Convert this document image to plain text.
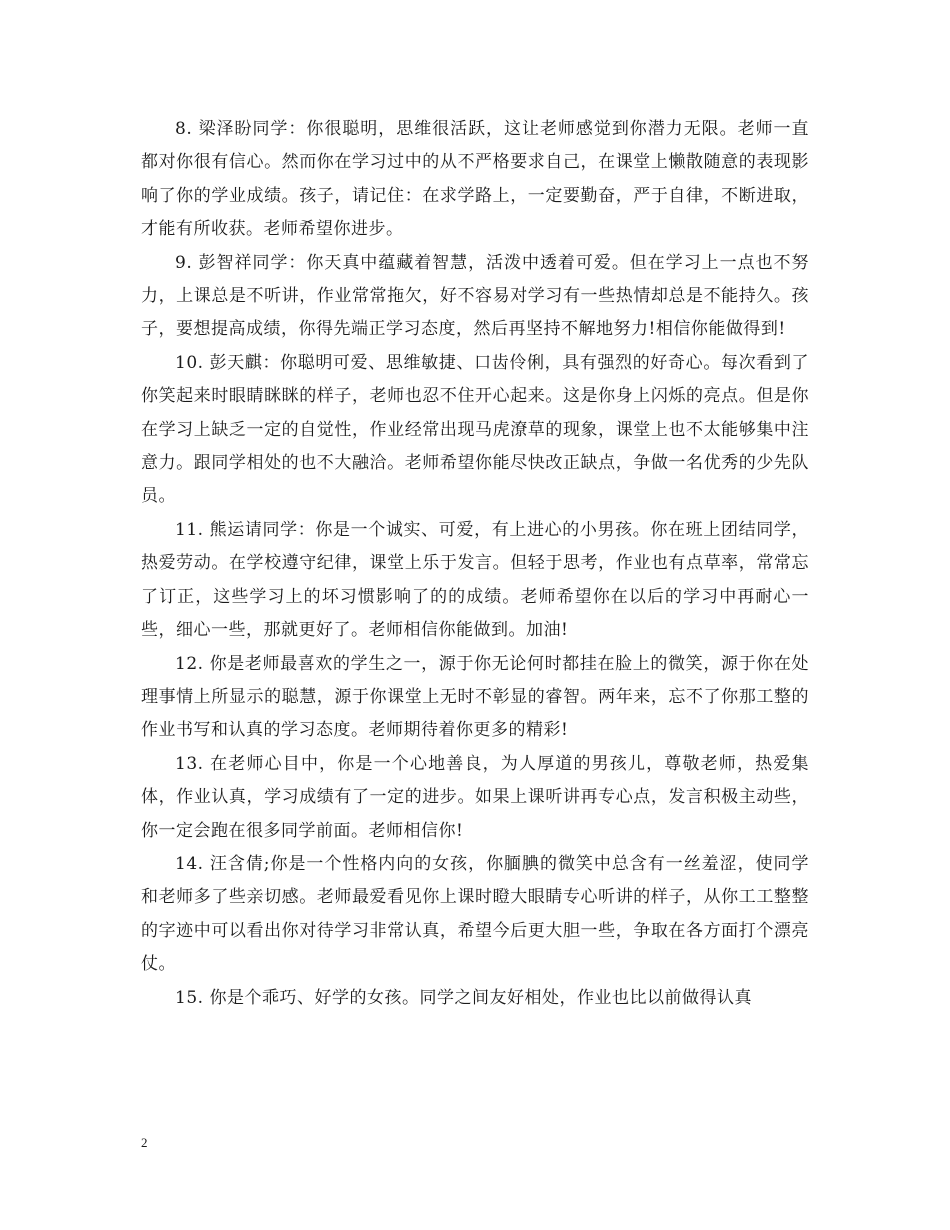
8. 梁泽盼同学：你很聪明，思维很活跃，这让老师感觉到你潜力无限。老师一直都对你很有信心。然而你在学习过中的从不严格要求自己，在课堂上懒散随意的表现影响了你的学业成绩。孩子，请记住：在求学路上，一定要勤奋，严于自律，不断进取，才能有所收获。老师希望你进步。

9. 彭智祥同学：你天真中蕴藏着智慧，活泼中透着可爱。但在学习上一点也不努力，上课总是不听讲，作业常常拖欠，好不容易对学习有一些热情却总是不能持久。孩子，要想提高成绩，你得先端正学习态度，然后再坚持不解地努力!相信你能做得到!

10. 彭天麒：你聪明可爱、思维敏捷、口齿伶俐，具有强烈的好奇心。每次看到了你笑起来时眼睛眯眯的样子，老师也忍不住开心起来。这是你身上闪烁的亮点。但是你在学习上缺乏一定的自觉性，作业经常出现马虎潦草的现象，课堂上也不太能够集中注意力。跟同学相处的也不大融洽。老师希望你能尽快改正缺点，争做一名优秀的少先队员。

11. 熊运请同学：你是一个诚实、可爱，有上进心的小男孩。你在班上团结同学，热爱劳动。在学校遵守纪律，课堂上乐于发言。但轻于思考，作业也有点草率，常常忘了订正，这些学习上的坏习惯影响了的的成绩。老师希望你在以后的学习中再耐心一些，细心一些，那就更好了。老师相信你能做到。加油!

12. 你是老师最喜欢的学生之一，源于你无论何时都挂在脸上的微笑，源于你在处理事情上所显示的聪慧，源于你课堂上无时不彰显的睿智。两年来，忘不了你那工整的作业书写和认真的学习态度。老师期待着你更多的精彩!

13. 在老师心目中，你是一个心地善良，为人厚道的男孩儿，尊敬老师，热爱集体，作业认真，学习成绩有了一定的进步。如果上课听讲再专心点，发言积极主动些，你一定会跑在很多同学前面。老师相信你!

14. 汪含倩;你是一个性格内向的女孩，你腼腆的微笑中总含有一丝羞涩，使同学和老师多了些亲切感。老师最爱看见你上课时瞪大眼睛专心听讲的样子，从你工工整整的字迹中可以看出你对待学习非常认真，希望今后更大胆一些，争取在各方面打个漂亮仗。

15. 你是个乖巧、好学的女孩。同学之间友好相处，作业也比以前做得认真

2
